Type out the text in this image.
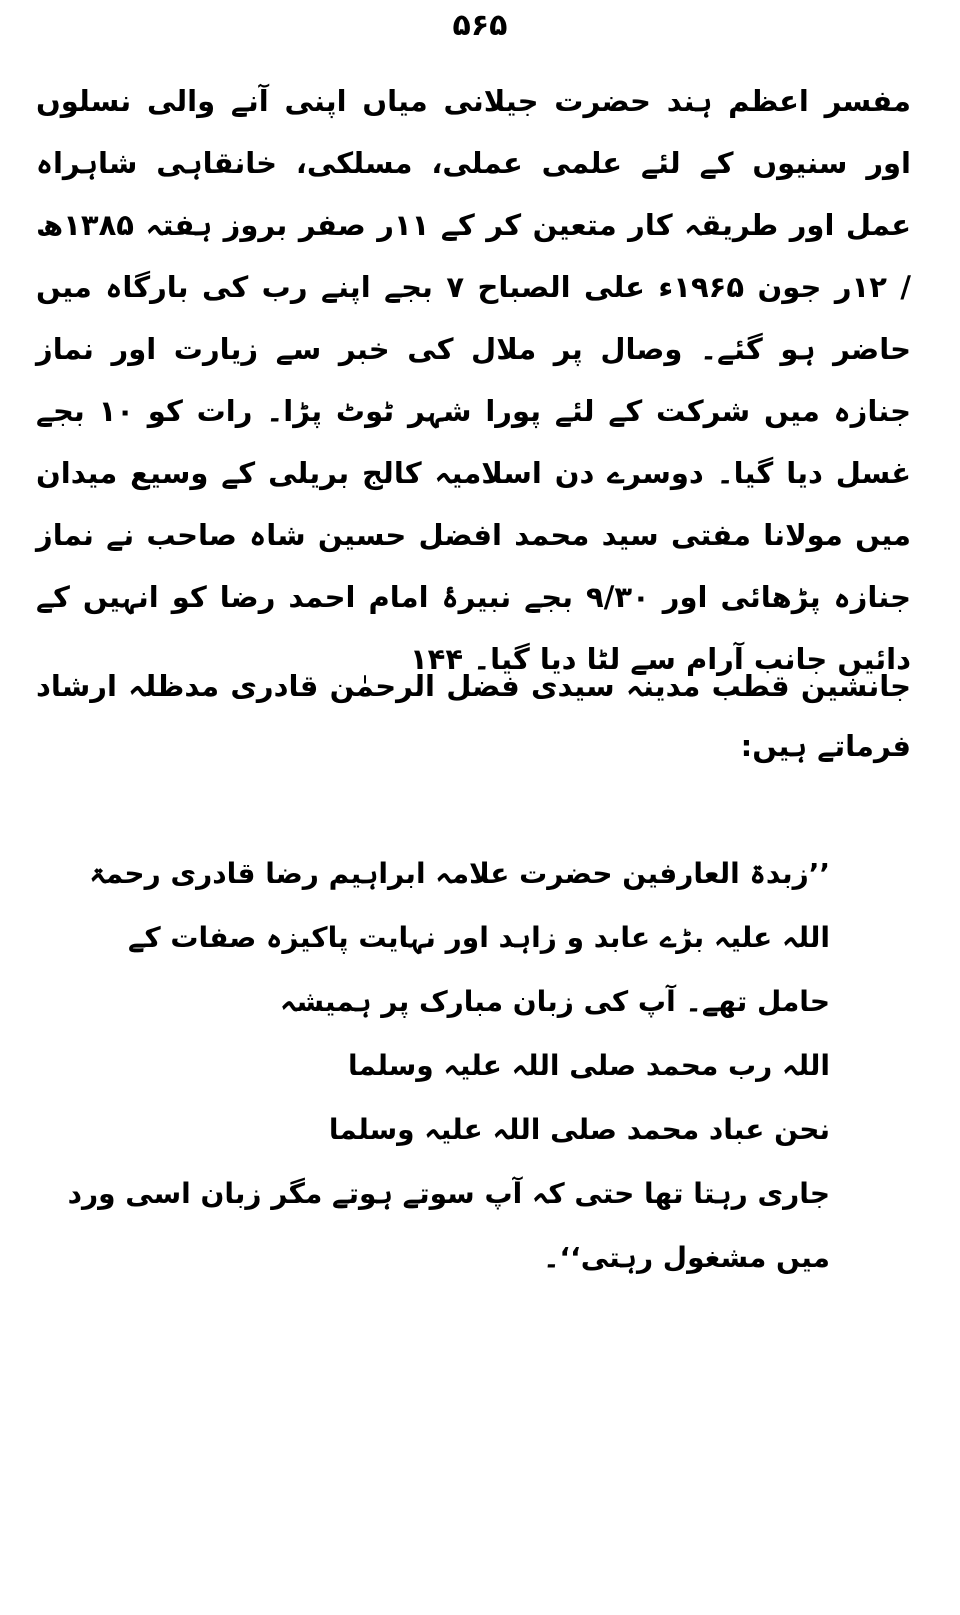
۵۶۵

مفسر اعظم ہند حضرت جیلانی میاں اپنی آنے والی نسلوں اور سنیوں کے لئے علمی عملی، مسلکی، خانقاہی شاہراہ عمل اور طریقہ کار متعین کر کے ۱۱ر صفر بروز ہفتہ ۱۳۸۵ھ / ۱۲ر جون ۱۹۶۵ء علی الصباح ۷ بجے اپنے رب کی بارگاہ میں حاضر ہو گئے۔ وصال پر ملال کی خبر سے زیارت اور نماز جنازہ میں شرکت کے لئے پورا شہر ٹوٹ پڑا۔ رات کو ۱۰ بجے غسل دیا گیا۔ دوسرے دن اسلامیہ کالج بریلی کے وسیع میدان میں مولانا مفتی سید محمد افضل حسین شاہ صاحب نے نماز جنازہ پڑھائی اور ۹/۳۰ بجے نبیرۂ امام احمد رضا کو انہیں کے دائیں جانب آرام سے لٹا دیا گیا۔ ۱۴۴

جانشین قطب مدینہ سیدی فضل الرحمٰن قادری مدظلہ ارشاد فرماتے ہیں:

’’زبدۃ العارفین حضرت علامہ ابراہیم رضا قادری رحمۃ
اللہ علیہ بڑے عابد و زاہد اور نہایت پاکیزہ صفات کے
حامل تھے۔ آپ کی زبان مبارک پر ہمیشہ
اللہ رب محمد صلی اللہ علیہ وسلما
نحن عباد محمد صلی اللہ علیہ وسلما
جاری رہتا تھا حتی کہ آپ سوتے ہوتے مگر زبان اسی ورد
میں مشغول رہتی‘‘۔
